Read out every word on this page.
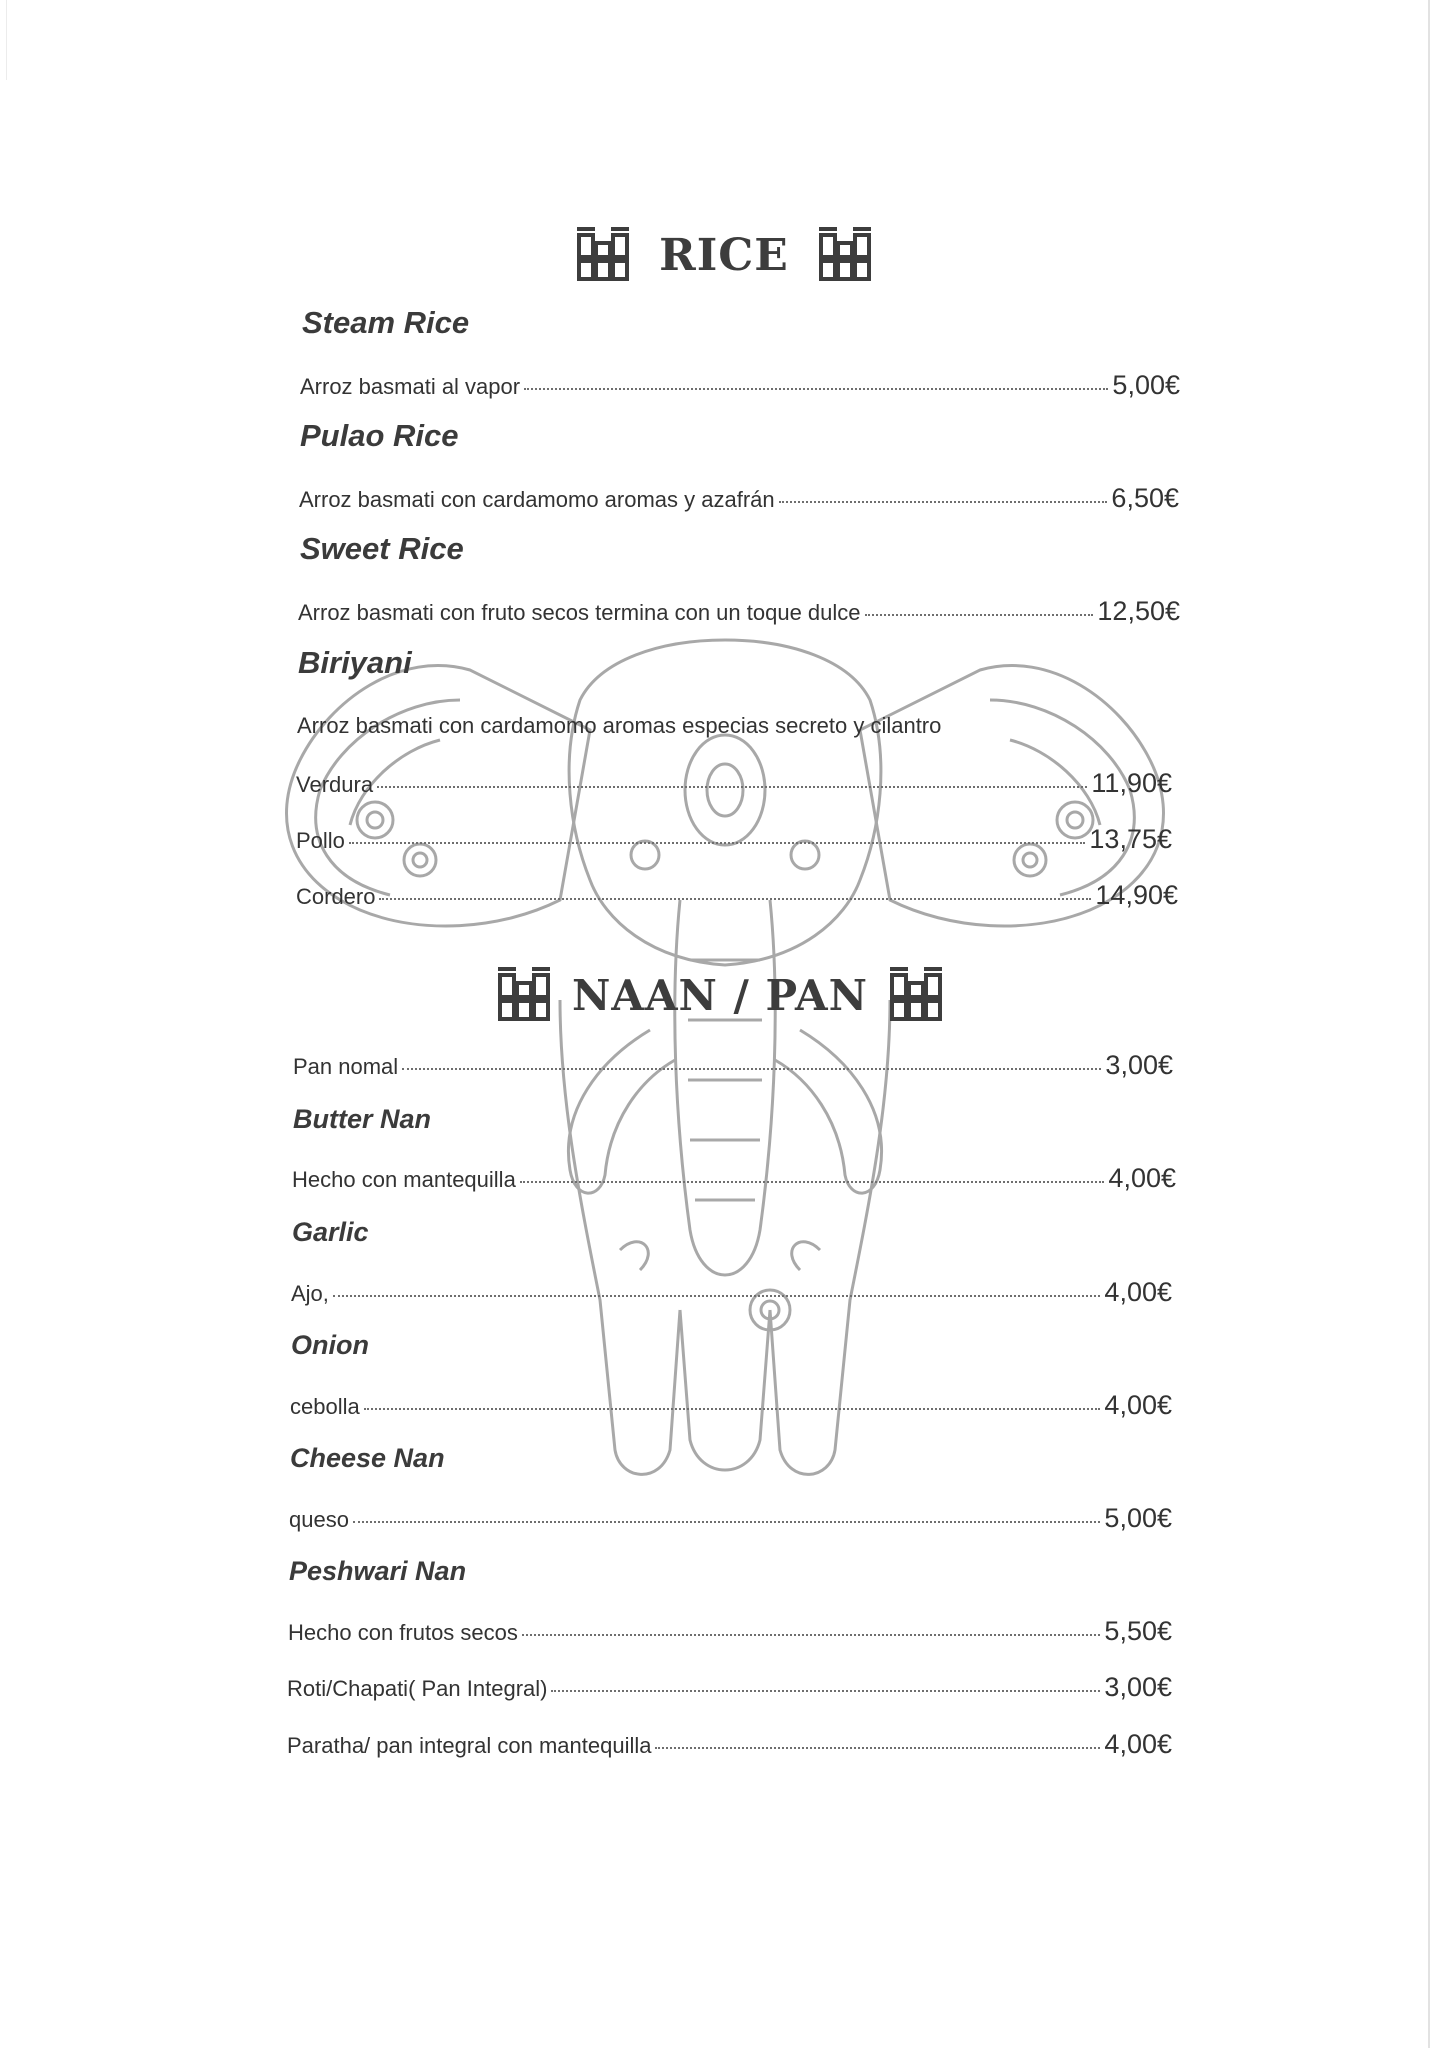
RICE
Steam Rice
Arroz basmati al vapor	5,00€
Pulao Rice
Arroz basmati con cardamomo aromas y azafrán	6,50€
Sweet Rice
Arroz basmati con fruto secos termina con un toque dulce	12,50€
Biriyani
Arroz basmati con cardamomo aromas especias secreto y cilantro
Verdura	11,90€
Pollo	13,75€
Cordero	14,90€
NAAN / PAN
Pan nomal	3,00€
Butter Nan
Hecho con mantequilla	4,00€
Garlic
Ajo,	4,00€
Onion
cebolla	4,00€
Cheese Nan
queso	5,00€
Peshwari Nan
Hecho con frutos secos	5,50€
Roti/Chapati( Pan Integral)	3,00€
Paratha/ pan integral con mantequilla	4,00€
